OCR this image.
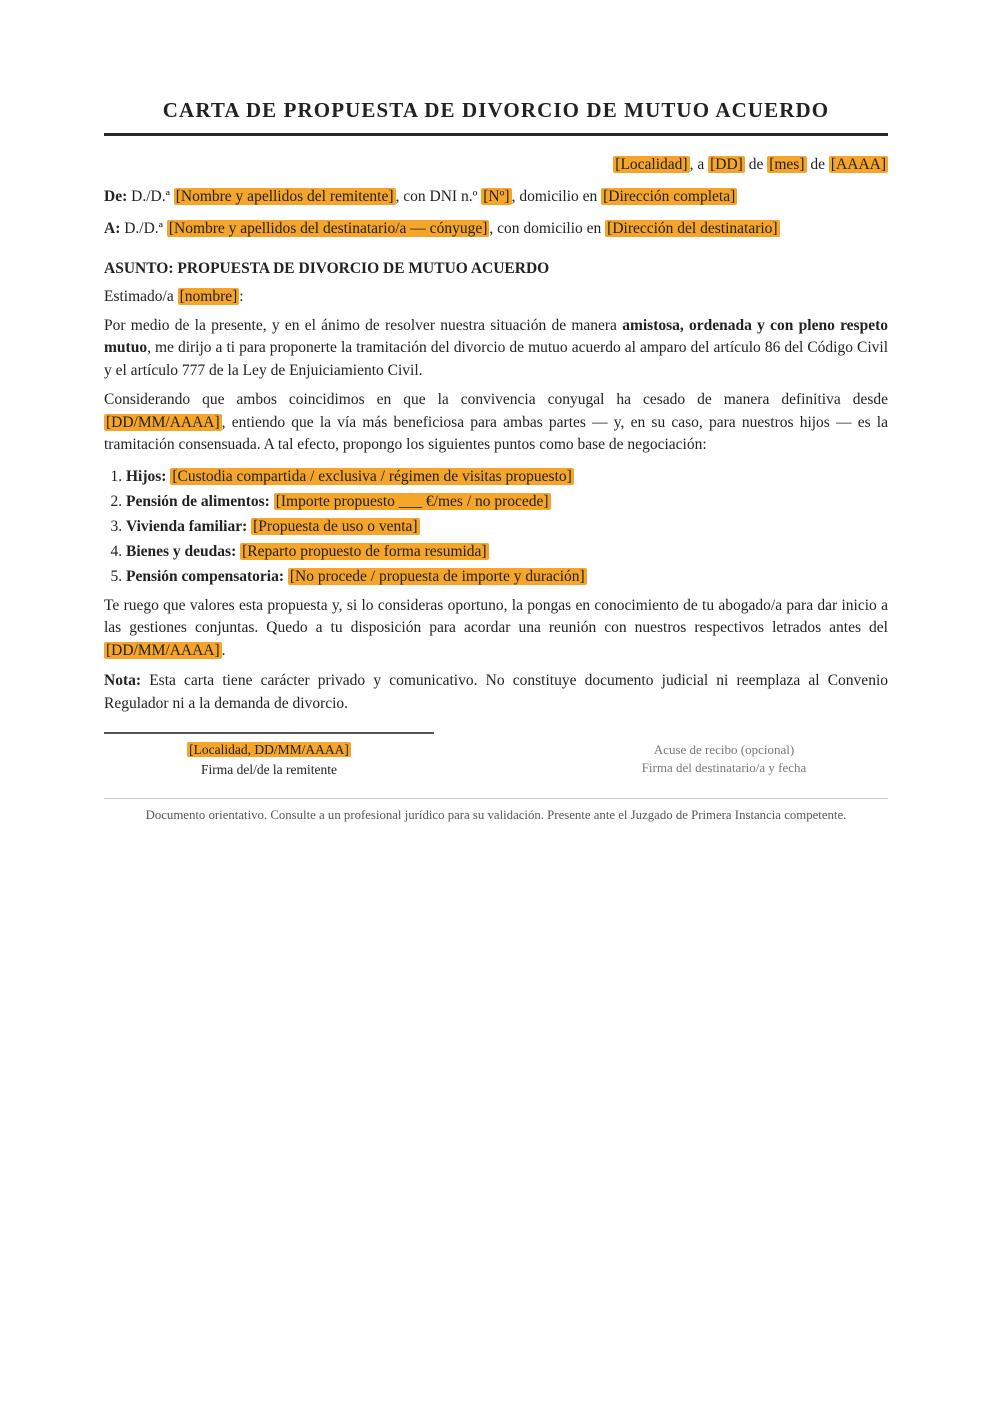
CARTA DE PROPUESTA DE DIVORCIO DE MUTUO ACUERDO

[Localidad] , a [DD] de [mes] de [AAAA]

De: D./D.ª [Nombre y apellidos del remitente] , con DNI n.º [Nº] , domicilio en [Dirección completa]

A: D./D.ª [Nombre y apellidos del destinatario/a — cónyuge] , con domicilio en [Dirección del destinatario]

ASUNTO: PROPUESTA DE DIVORCIO DE MUTUO ACUERDO

Estimado/a [nombre] :

Por medio de la presente, y en el ánimo de resolver nuestra situación de manera amistosa, ordenada y con pleno respeto mutuo, me dirijo a ti para proponerte la tramitación del divorcio de mutuo acuerdo al amparo del artículo 86 del Código Civil y el artículo 777 de la Ley de Enjuiciamiento Civil.

Considerando que ambos coincidimos en que la convivencia conyugal ha cesado de manera definitiva desde [DD/MM/AAAA] , entiendo que la vía más beneficiosa para ambas partes — y, en su caso, para nuestros hijos — es la tramitación consensuada. A tal efecto, propongo los siguientes puntos como base de negociación:

1. Hijos: [Custodia compartida / exclusiva / régimen de visitas propuesto]
2. Pensión de alimentos: [Importe propuesto ___ €/mes / no procede]
3. Vivienda familiar: [Propuesta de uso o venta]
4. Bienes y deudas: [Reparto propuesto de forma resumida]
5. Pensión compensatoria: [No procede / propuesta de importe y duración]

Te ruego que valores esta propuesta y, si lo consideras oportuno, la pongas en conocimiento de tu abogado/a para dar inicio a las gestiones conjuntas. Quedo a tu disposición para acordar una reunión con nuestros respectivos letrados antes del [DD/MM/AAAA] .

Nota: Esta carta tiene carácter privado y comunicativo. No constituye documento judicial ni reemplaza al Convenio Regulador ni a la demanda de divorcio.

[Localidad, DD/MM/AAAA]
Firma del/de la remitente
Acuse de recibo (opcional)
Firma del destinatario/a y fecha
Documento orientativo. Consulte a un profesional jurídico para su validación. Presente ante el Juzgado de Primera Instancia competente.
